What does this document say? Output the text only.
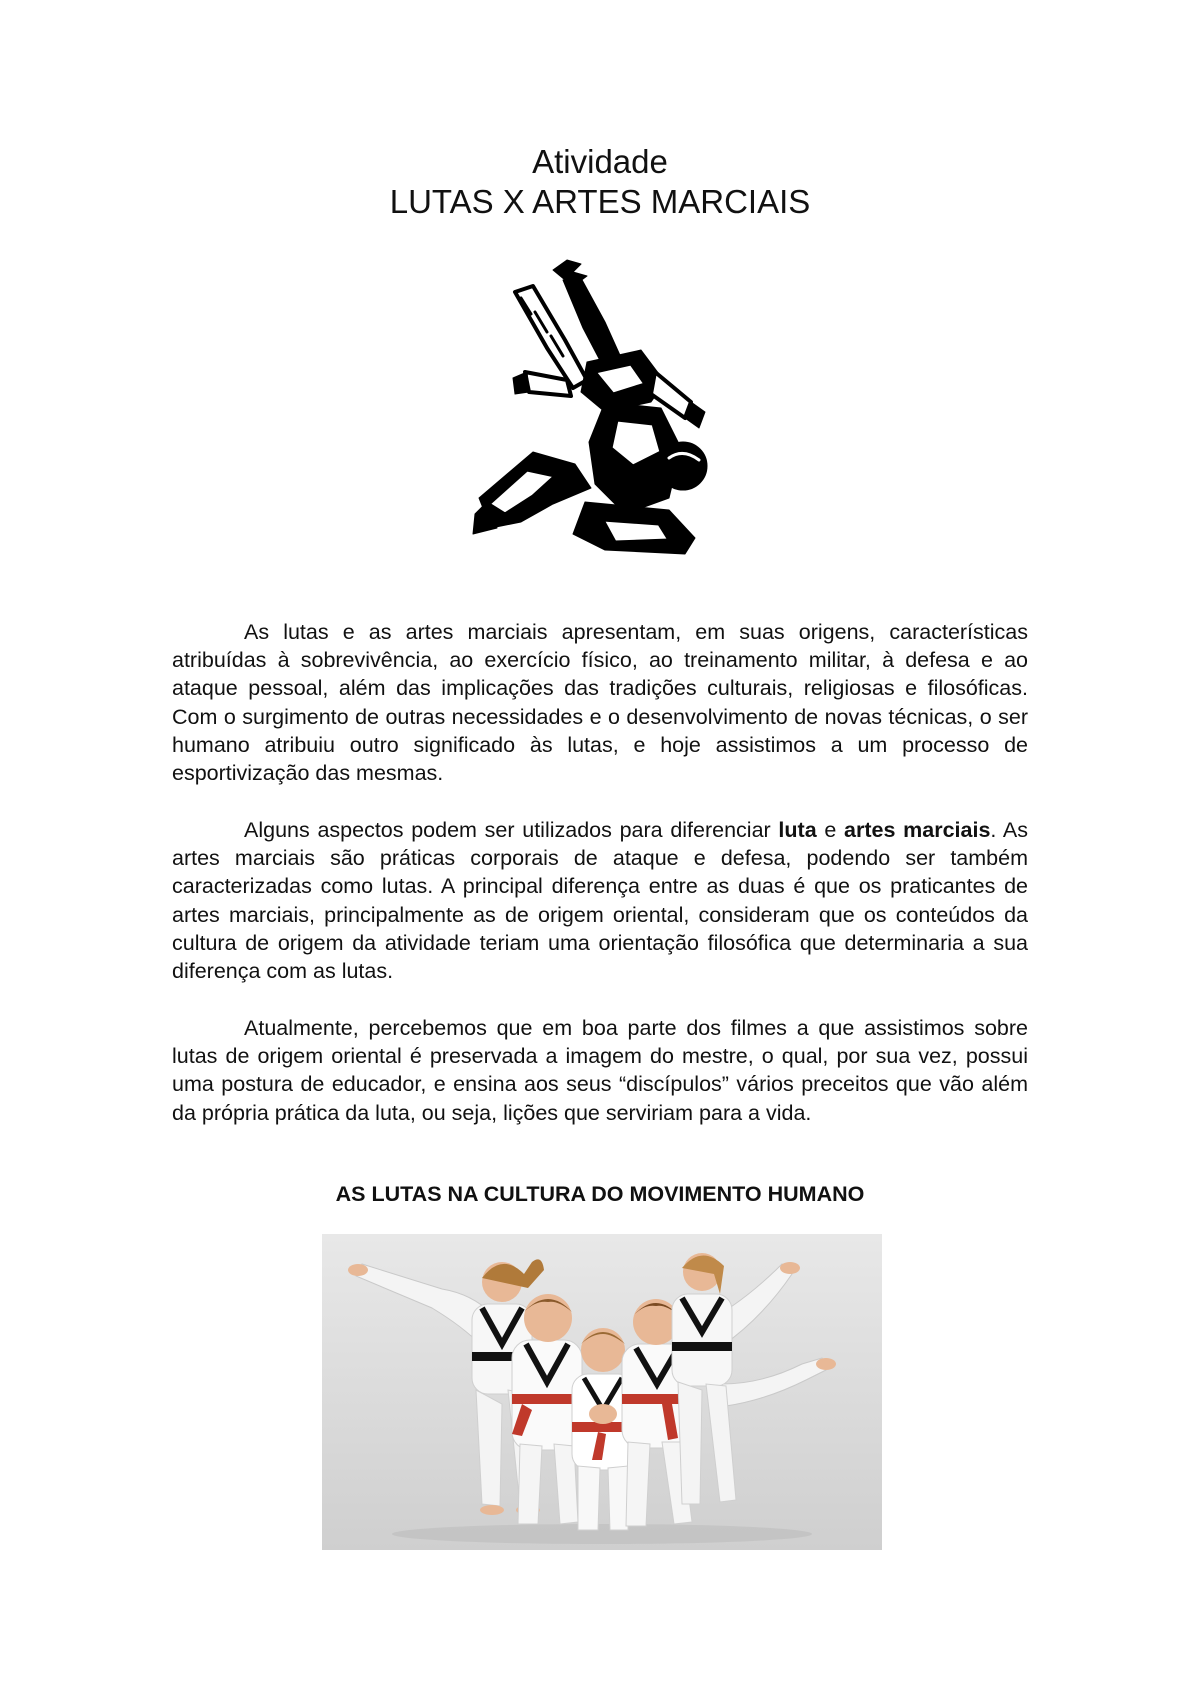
Atividade
LUTAS X ARTES MARCIAIS

As lutas e as artes marciais apresentam, em suas origens, características atribuídas à sobrevivência, ao exercício físico, ao treinamento militar, à defesa e ao ataque pessoal, além das implicações das tradições culturais, religiosas e filosóficas. Com o surgimento de outras necessidades e o desenvolvimento de novas técnicas, o ser humano atribuiu outro significado às lutas, e hoje assistimos a um processo de esportivização das mesmas.

Alguns aspectos podem ser utilizados para diferenciar luta e artes marciais. As artes marciais são práticas corporais de ataque e defesa, podendo ser também caracterizadas como lutas. A principal diferença entre as duas é que os praticantes de artes marciais, principalmente as de origem oriental, consideram que os conteúdos da cultura de origem da atividade teriam uma orientação filosófica que determinaria a sua diferença com as lutas.

Atualmente, percebemos que em boa parte dos filmes a que assistimos sobre lutas de origem oriental é preservada a imagem do mestre, o qual, por sua vez, possui uma postura de educador, e ensina aos seus “discípulos” vários preceitos que vão além da própria prática da luta, ou seja, lições que serviriam para a vida.

AS LUTAS NA CULTURA DO MOVIMENTO HUMANO
